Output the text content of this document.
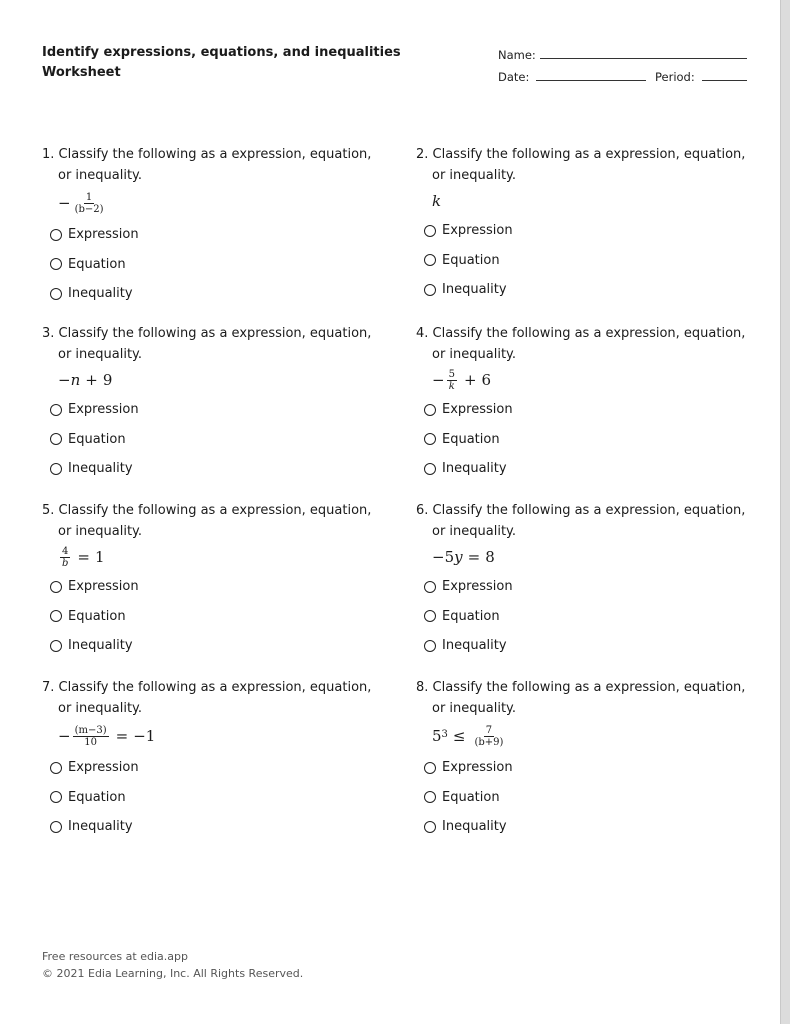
Identify expressions, equations, and inequalities
Worksheet
Name:
Date:	Period:
1. Classify the following as a expression, equation,
or inequality.
− $\frac{1}{(b-2)}$
Expression
Equation
Inequality
2. Classify the following as a expression, equation,
or inequality.
k
Expression
Equation
Inequality
3. Classify the following as a expression, equation,
or inequality.
− n + 9
Expression
Equation
Inequality
4. Classify the following as a expression, equation,
or inequality.
− $\frac{5}{k} + 6$
Expression
Equation
Inequality
5. Classify the following as a expression, equation,
or inequality.
$\frac{4}{b} = 1$
Expression
Equation
Inequality
6. Classify the following as a expression, equation,
or inequality.
−5 y = 8
Expression
Equation
Inequality
7. Classify the following as a expression, equation,
or inequality.
− $\frac{(m-3)}{10} = -1$
Expression
Equation
Inequality
8. Classify the following as a expression, equation,
or inequality.
$5^3 \le \frac{7}{(b+9)}$
Expression
Equation
Inequality
Free resources at edia.app
© 2021 Edia Learning, Inc. All Rights Reserved.
